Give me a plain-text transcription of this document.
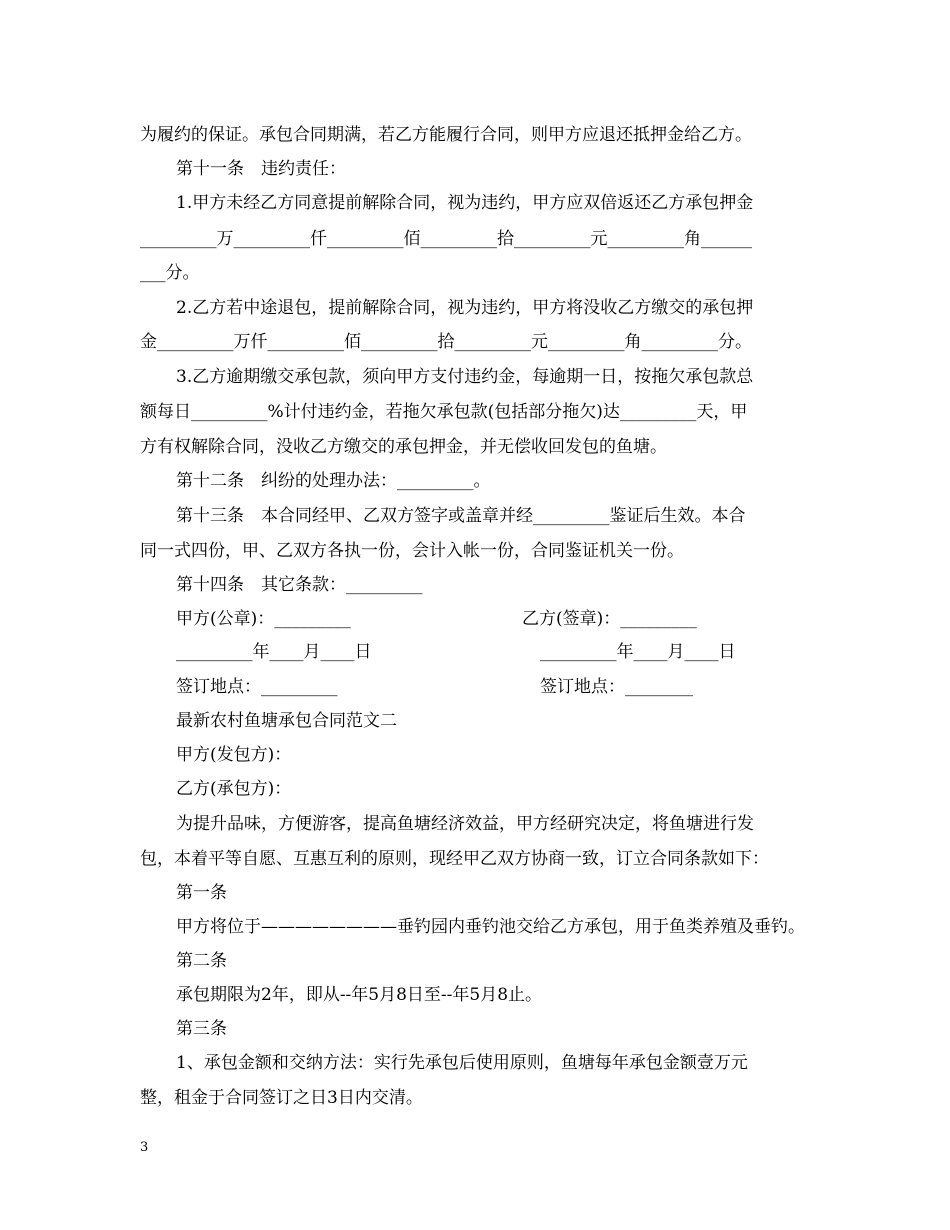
为履约的保证。承包合同期满，若乙方能履行合同，则甲方应退还抵押金给乙方。
第十一条　违约责任：
1.甲方未经乙方同意提前解除合同，视为违约，甲方应双倍返还乙方承包押金
_________万_________仟_________佰_________拾_________元_________角______
___分。
2.乙方若中途退包，提前解除合同，视为违约，甲方将没收乙方缴交的承包押
金_________万仟_________佰_________拾_________元_________角_________分。
3.乙方逾期缴交承包款，须向甲方支付违约金，每逾期一日，按拖欠承包款总
额每日_________%计付违约金，若拖欠承包款(包括部分拖欠)达_________天，甲
方有权解除合同，没收乙方缴交的承包押金，并无偿收回发包的鱼塘。
第十二条　纠纷的处理办法：_________。
第十三条　本合同经甲、乙双方签字或盖章并经_________鉴证后生效。本合
同一式四份，甲、乙双方各执一份，会计入帐一份，合同鉴证机关一份。
第十四条　其它条款：_________
甲方(公章)：_________	乙方(签章)：_________
_________年____月____日	_________年____月____日
签订地点：_________	签订地点：________
最新农村鱼塘承包合同范文二
甲方(发包方)：
乙方(承包方)：
为提升品味，方便游客，提高鱼塘经济效益，甲方经研究决定，将鱼塘进行发
包，本着平等自愿、互惠互利的原则，现经甲乙双方协商一致，订立合同条款如下：
第一条
甲方将位于————————垂钓园内垂钓池交给乙方承包，用于鱼类养殖及垂钓。
第二条
承包期限为2年，即从--年5月8日至--年5月8止。
第三条
1、承包金额和交纳方法：实行先承包后使用原则，鱼塘每年承包金额壹万元
整，租金于合同签订之日3日内交清。
3
